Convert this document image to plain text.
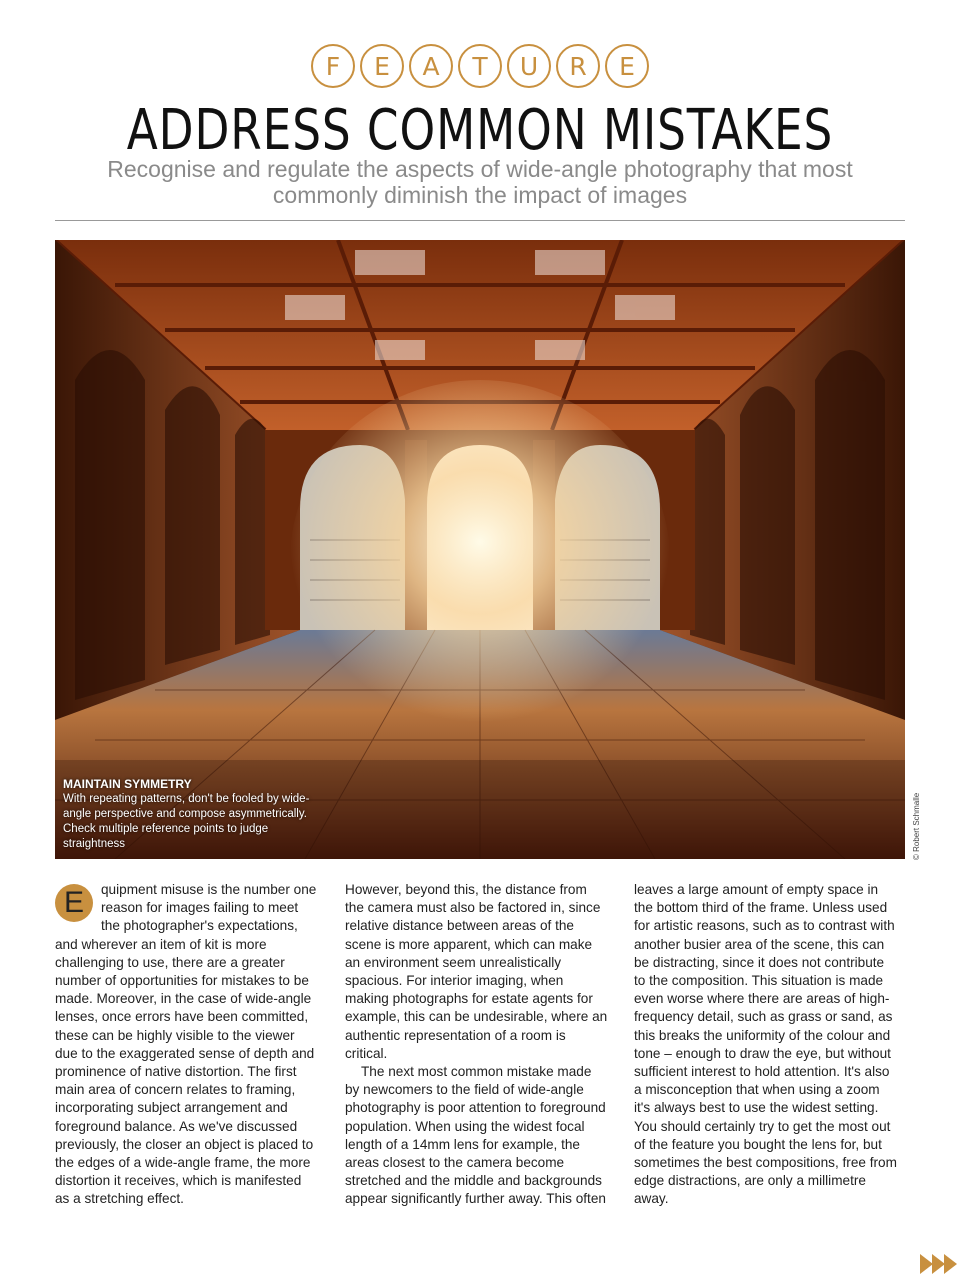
F	E	A	T	U	R	E
ADDRESS COMMON MISTAKES
Recognise and regulate the aspects of wide-angle photography that most commonly diminish the impact of images
MAINTAIN SYMMETRY
With repeating patterns, don't be fooled by wide-angle perspective and compose asymmetrically. Check multiple reference points to judge straightness	© Robert Schmalle

E	quipment misuse is the number one reason for images failing to meet the photographer's expectations, and wherever an item of kit is more challenging to use, there are a greater number of opportunities for mistakes to be made. Moreover, in the case of wide-angle lenses, once errors have been committed, these can be highly visible to the viewer due to the exaggerated sense of depth and prominence of native distortion. The first main area of concern relates to framing, incorporating subject arrangement and foreground balance. As we've discussed previously, the closer an object is placed to the edges of a wide-angle frame, the more distortion it receives, which is manifested as a stretching effect.

However, beyond this, the distance from the camera must also be factored in, since relative distance between areas of the scene is more apparent, which can make an environment seem unrealistically spacious. For interior imaging, when making photographs for estate agents for example, this can be undesirable, where an authentic representation of a room is critical.

The next most common mistake made by newcomers to the field of wide-angle photography is poor attention to foreground population. When using the widest focal length of a 14mm lens for example, the areas closest to the camera become stretched and the middle and backgrounds appear significantly further away. This often

leaves a large amount of empty space in the bottom third of the frame. Unless used for artistic reasons, such as to contrast with another busier area of the scene, this can be distracting, since it does not contribute to the composition. This situation is made even worse where there are areas of high-frequency detail, such as grass or sand, as this breaks the uniformity of the colour and tone – enough to draw the eye, but without sufficient interest to hold attention. It's also a misconception that when using a zoom it's always best to use the widest setting. You should certainly try to get the most out of the feature you bought the lens for, but sometimes the best compositions, free from edge distractions, are only a millimetre away.
